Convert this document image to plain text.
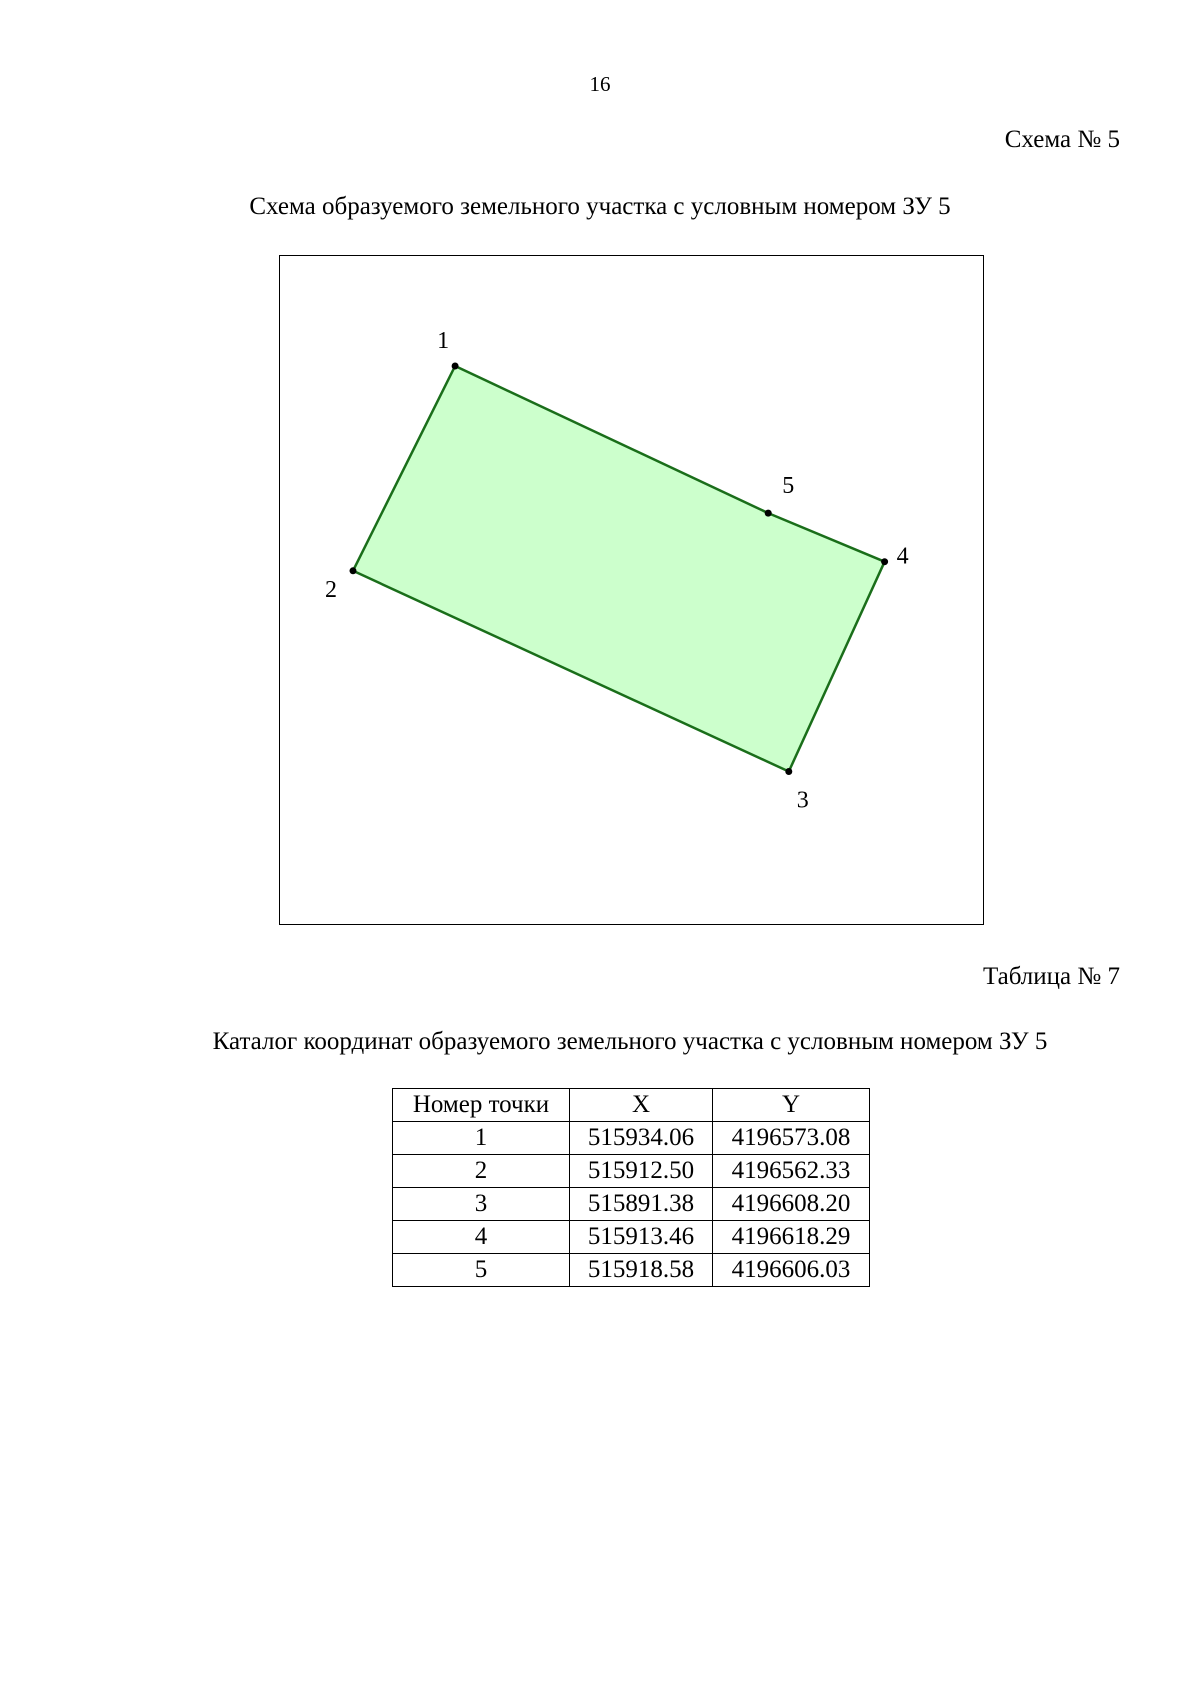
16
Схема № 5
Схема образуемого земельного участка с условным номером ЗУ 5
1
2
3
4
5
Таблица № 7
Каталог координат образуемого земельного участка с условным номером ЗУ 5
Номер точки	X	Y
1	515934.06	4196573.08
2	515912.50	4196562.33
3	515891.38	4196608.20
4	515913.46	4196618.29
5	515918.58	4196606.03
